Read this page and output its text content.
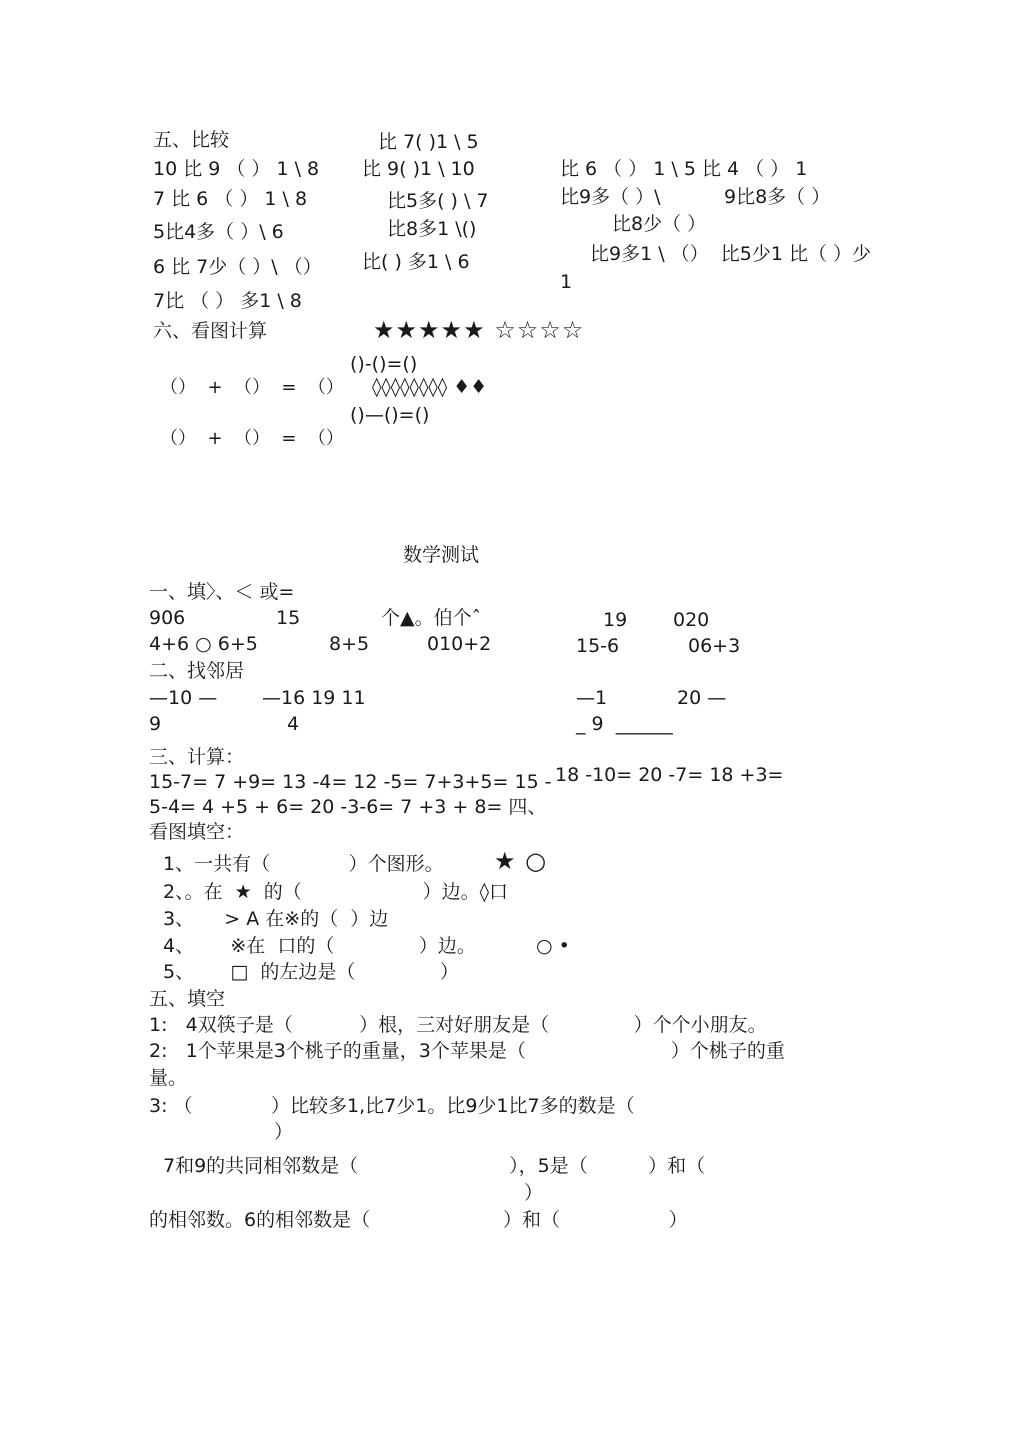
五、比较
10 比 9 （ ） 1 \ 8
7 比 6 （ ） 1 \ 8
5比4多（ ）\ 6
6 比 7少（ ）\ （）
7比 （ ） 多1 \ 8
比 7( )1 \ 5
比 9( )1 \ 10
比5多( ) \ 7
比8多1 \()
比( ) 多1 \ 6
比 6 （ ） 1 \ 5 比 4 （ ） 1
比9多（ ）\	9比8多（ ）
比8少（ ）
比9多1 \ （）  比5少1 比（ ）少
1
六、看图计算	★★★★★ ☆☆☆☆
()-()=()
◊◊◊◊◊◊◊◊ ♦♦
()—()=()
（）  +  （）  =  （）
（）  +  （）  =  （）
数学测试
一、填〉、＜ 或=
906	15	个▲。伯个ˆ	19 020
4+6 ○ 6+5	8+5	010+2	15-6	06+3
二、找邻居
—10 — —16 19 11	—1	20 —
9	4	_ 9  ______
三、计算：
15-7= 7 +9= 13 -4= 12 -5= 7+3+5= 15 - 18 -10= 20 -7= 18 +3=
5-4= 4 +5 + 6= 20 -3-6= 7 +3 + 8= 四、
看图填空：
1、一共有（             ）个图形。 ★ ○
2、。在  ★  的（                    ）边。◊口
3、     > A 在※的（  ）边
4、      ※在  口的（              ）边。	○ •
5、      □  的左边是（              ）
五、填空
1:   4双筷子是（           ）根，三对好朋友是（              ）个个小朋友。
2:   1个苹果是3个桃子的重量，3个苹果是（                        ）个桃子的重
量。
3: （             ）比较多1,比7少1。比9少1比7多的数是（
）
7和9的共同相邻数是（                         ），5是（          ）和（
）
的相邻数。6的相邻数是（                      ）和（                  ）
